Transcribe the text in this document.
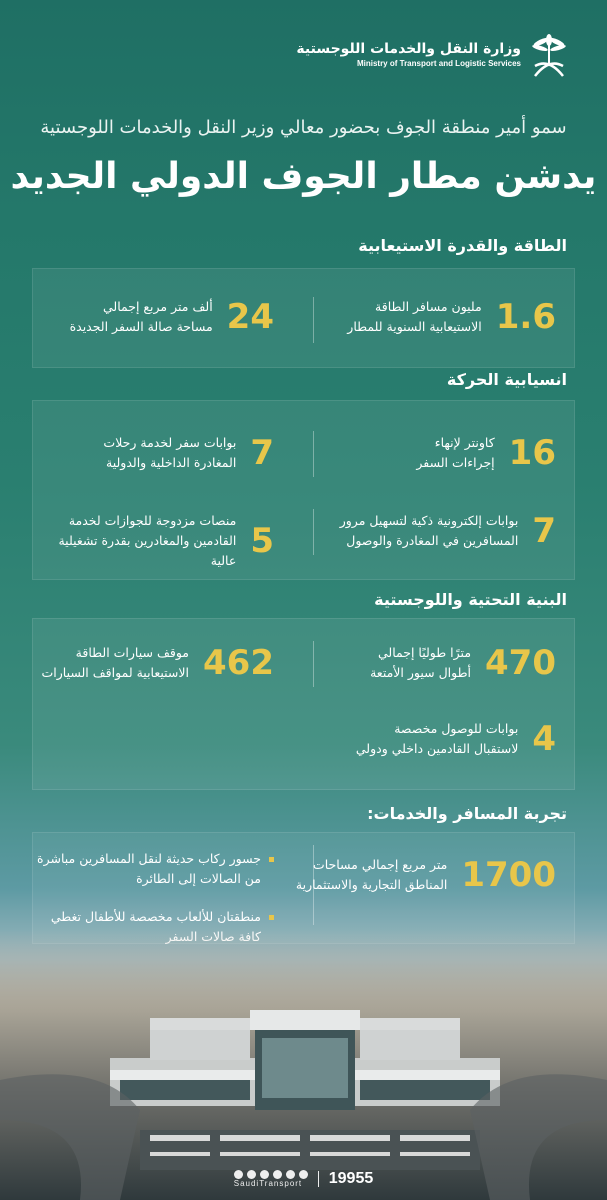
وزارة النقل والخدمات اللوجستية
Ministry of Transport and Logistic Services
سمو أمير منطقة الجوف بحضور معالي وزير النقل والخدمات اللوجستية
يدشن مطار الجوف الدولي الجديد
الطاقة والقدرة الاستيعابية
1.6
مليون مسافر الطاقة
الاستيعابية السنوية للمطار
24
ألف متر مربع إجمالي
مساحة صالة السفر الجديدة
انسيابية الحركة
16
كاونتر لإنهاء
إجراءات السفر
7
بوابات سفر لخدمة رحلات
المغادرة الداخلية والدولية
7
بوابات إلكترونية ذكية لتسهيل مرور
المسافرين في المغادرة والوصول
5
منصات مزدوجة للجوازات لخدمة
القادمين والمغادرين بقدرة تشغيلية عالية
البنية التحتية واللوجستية
470
مترًا طوليًا إجمالي
أطوال سيور الأمتعة
462
موقف سيارات الطاقة
الاستيعابية لمواقف السيارات
4
بوابات للوصول مخصصة
لاستقبال القادمين داخلي ودولي
تجربة المسافر والخدمات:
1700
متر مربع إجمالي مساحات
المناطق التجارية والاستثمارية
جسور ركاب حديثة لنقل المسافرين مباشرة
من الصالات إلى الطائرة
منطقتان للألعاب مخصصة للأطفال تغطي
SaudiTransport	19955
